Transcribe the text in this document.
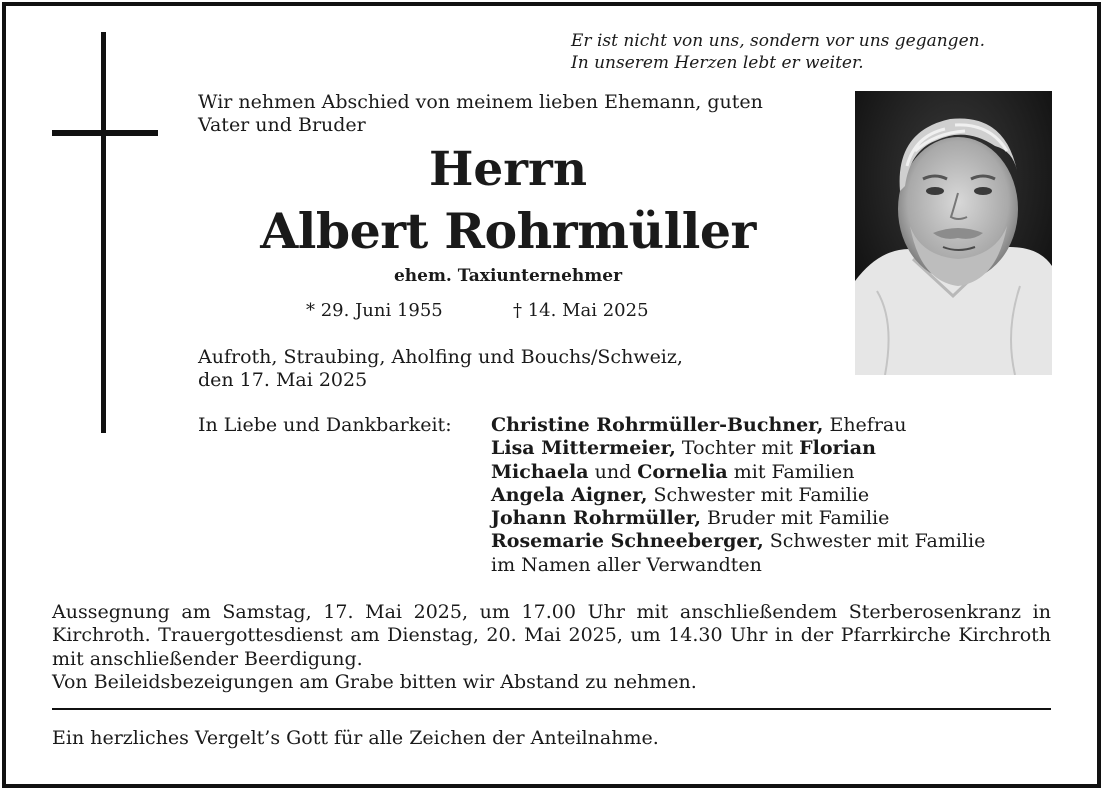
Er ist nicht von uns, sondern vor uns gegangen.
In unserem Herzen lebt er weiter.
Wir nehmen Abschied von meinem lieben Ehemann, guten
Vater und Bruder
Herrn
Albert Rohrmüller
ehem. Taxiunternehmer
* 29. Juni 1955	† 14. Mai 2025
Aufroth, Straubing, Aholfing und Bouchs/Schweiz,
den 17. Mai 2025
In Liebe und Dankbarkeit: Christine Rohrmüller-Buchner, Ehefrau
Lisa Mittermeier, Tochter mit Florian
Michaela und Cornelia mit Familien
Angela Aigner, Schwester mit Familie
Johann Rohrmüller, Bruder mit Familie
Rosemarie Schneeberger, Schwester mit Familie
im Namen aller Verwandten

Aussegnung am Samstag, 17. Mai 2025, um 17.00 Uhr mit anschließendem Sterberosenkranz in Kirchroth. Trauergottesdienst am Dienstag, 20. Mai 2025, um 14.30 Uhr in der Pfarrkirche Kirchroth mit anschließender Beerdigung.

Von Beileidsbezeigungen am Grabe bitten wir Abstand zu nehmen.

Ein herzliches Vergelt’s Gott für alle Zeichen der Anteilnahme.
